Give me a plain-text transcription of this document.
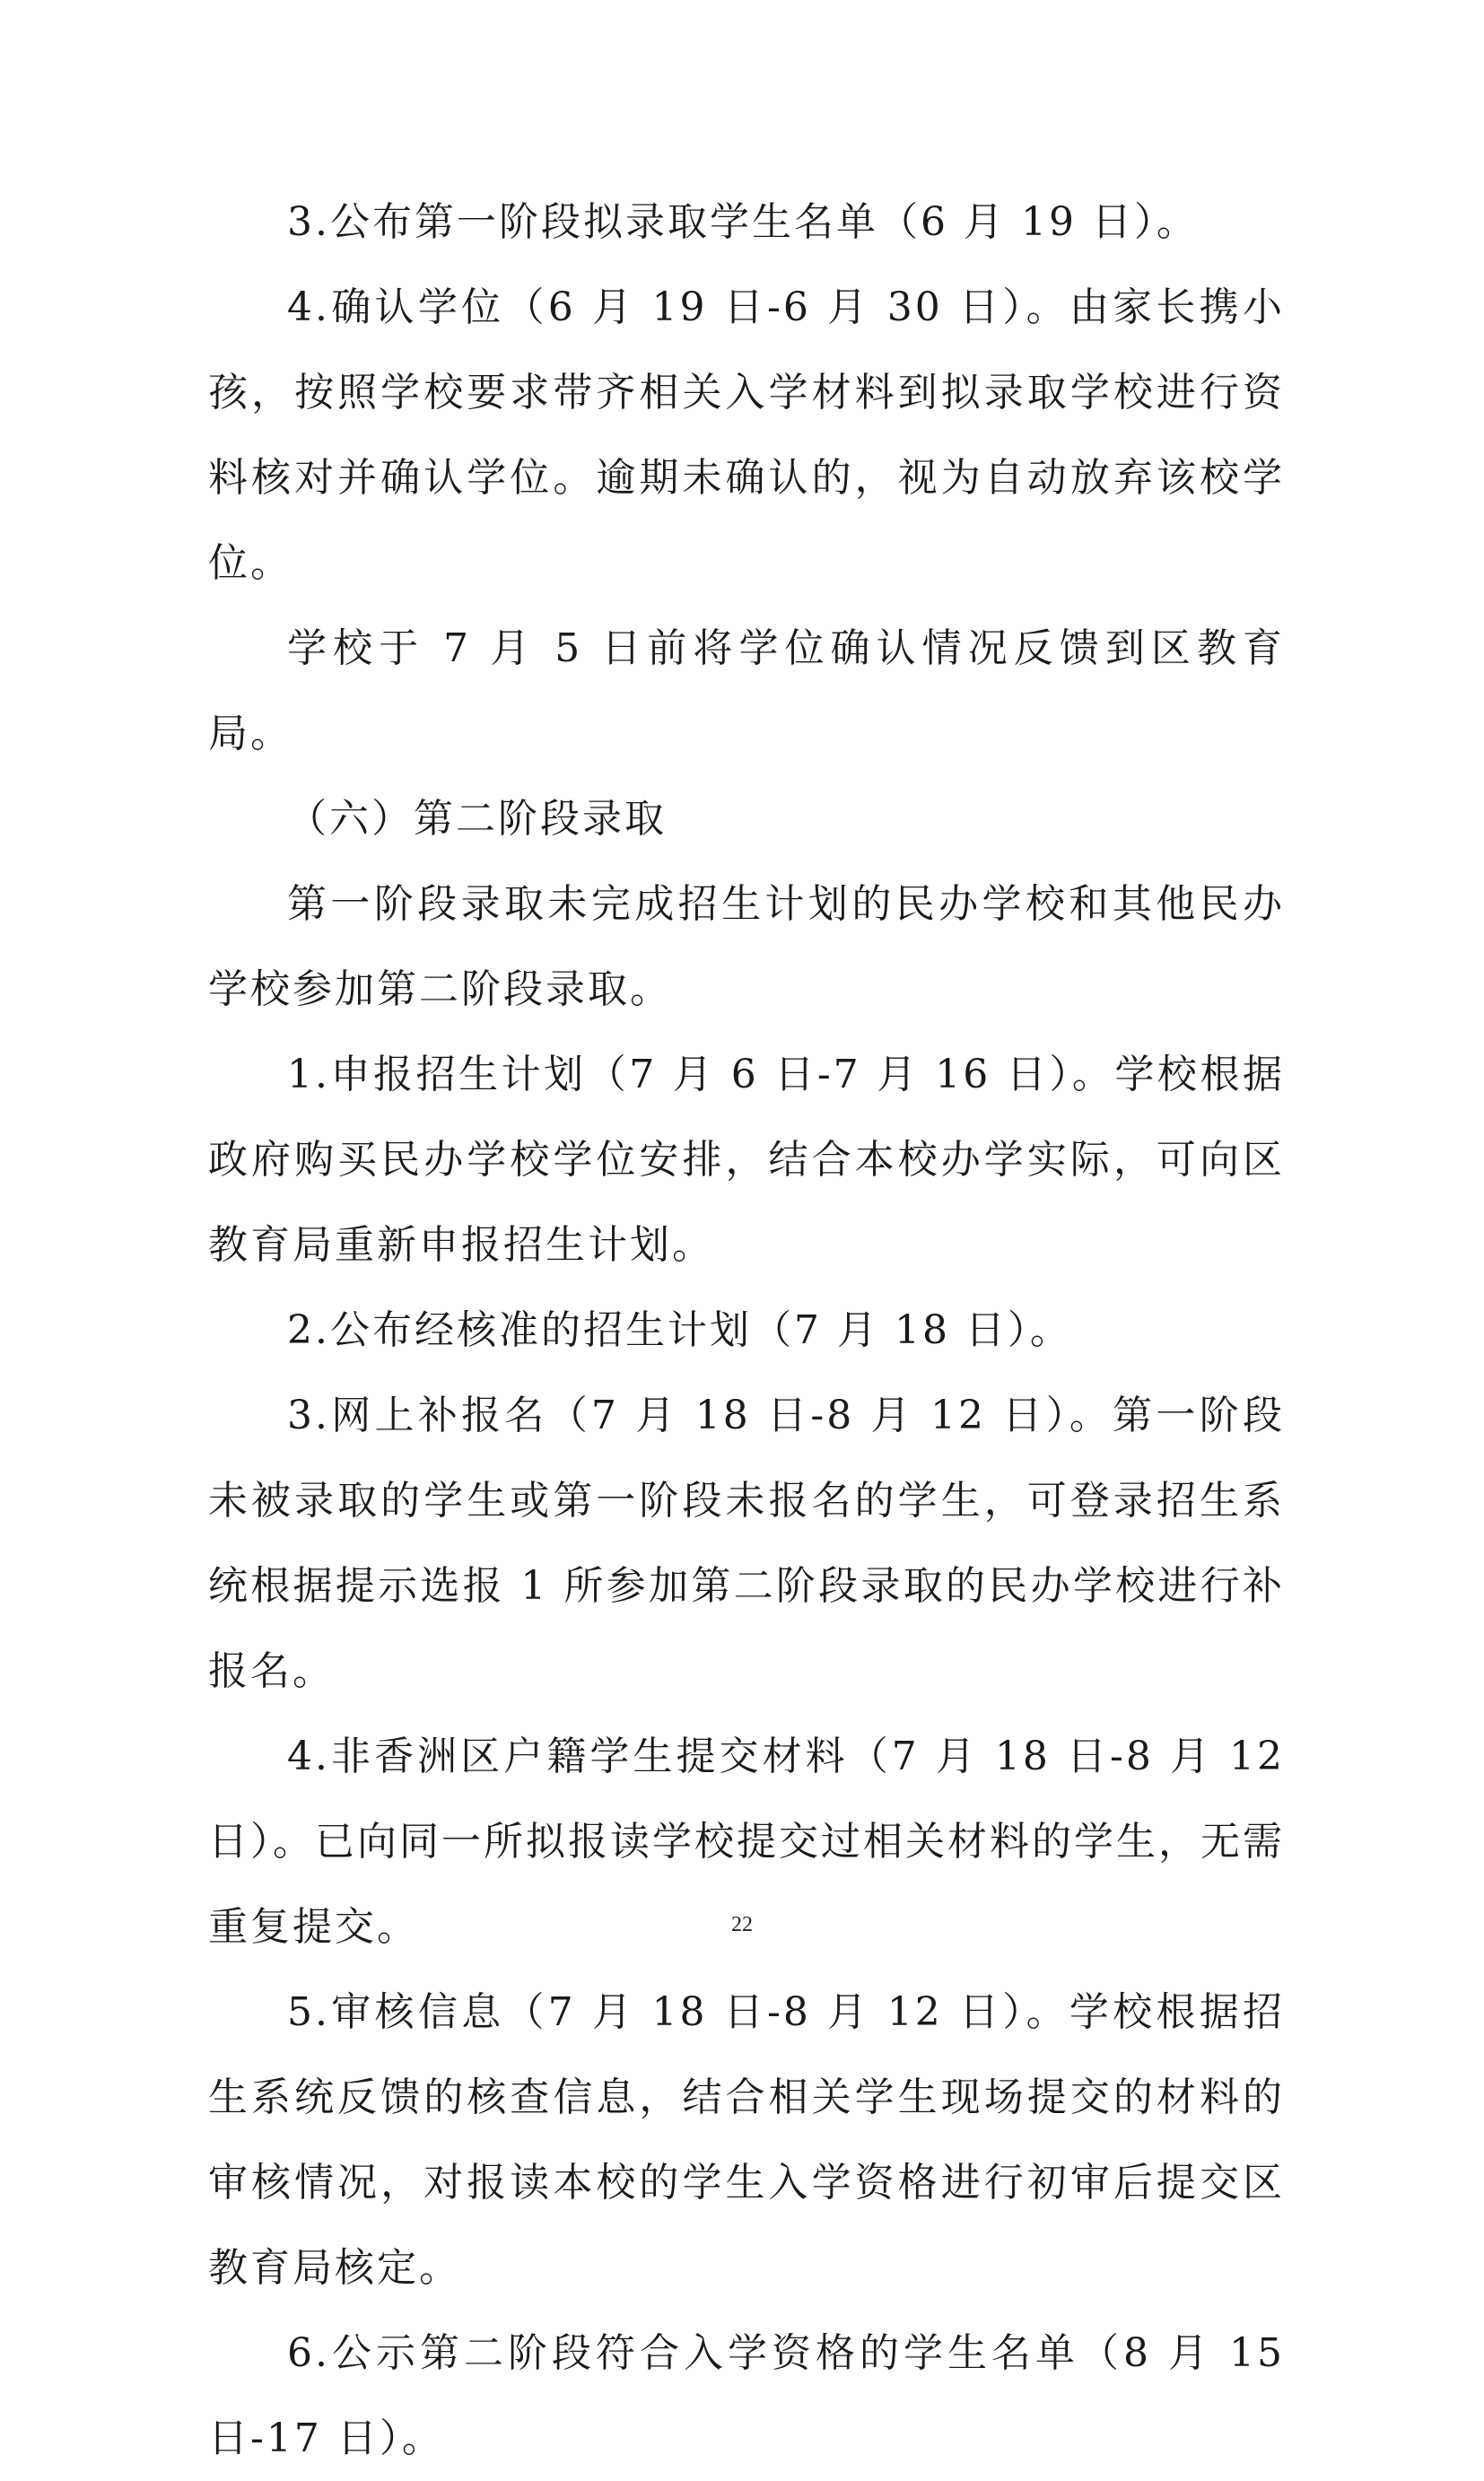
3.公布第一阶段拟录取学生名单（6 月 19 日）。

4.确认学位（6 月 19 日-6 月 30 日）。由家长携小孩，按照学校要求带齐相关入学材料到拟录取学校进行资料核对并确认学位。逾期未确认的，视为自动放弃该校学位。

学校于 7 月 5 日前将学位确认情况反馈到区教育局。

（六）第二阶段录取

第一阶段录取未完成招生计划的民办学校和其他民办学校参加第二阶段录取。

1.申报招生计划（7 月 6 日-7 月 16 日）。学校根据政府购买民办学校学位安排，结合本校办学实际，可向区教育局重新申报招生计划。

2.公布经核准的招生计划（7 月 18 日）。

3.网上补报名（7 月 18 日-8 月 12 日）。第一阶段未被录取的学生或第一阶段未报名的学生，可登录招生系统根据提示选报 1 所参加第二阶段录取的民办学校进行补报名。

4.非香洲区户籍学生提交材料（7 月 18 日-8 月 12 日）。已向同一所拟报读学校提交过相关材料的学生，无需重复提交。

5.审核信息（7 月 18 日-8 月 12 日）。学校根据招生系统反馈的核查信息，结合相关学生现场提交的材料的审核情况，对报读本校的学生入学资格进行初审后提交区教育局核定。

6.公示第二阶段符合入学资格的学生名单（8 月 15 日-17 日）。

22
